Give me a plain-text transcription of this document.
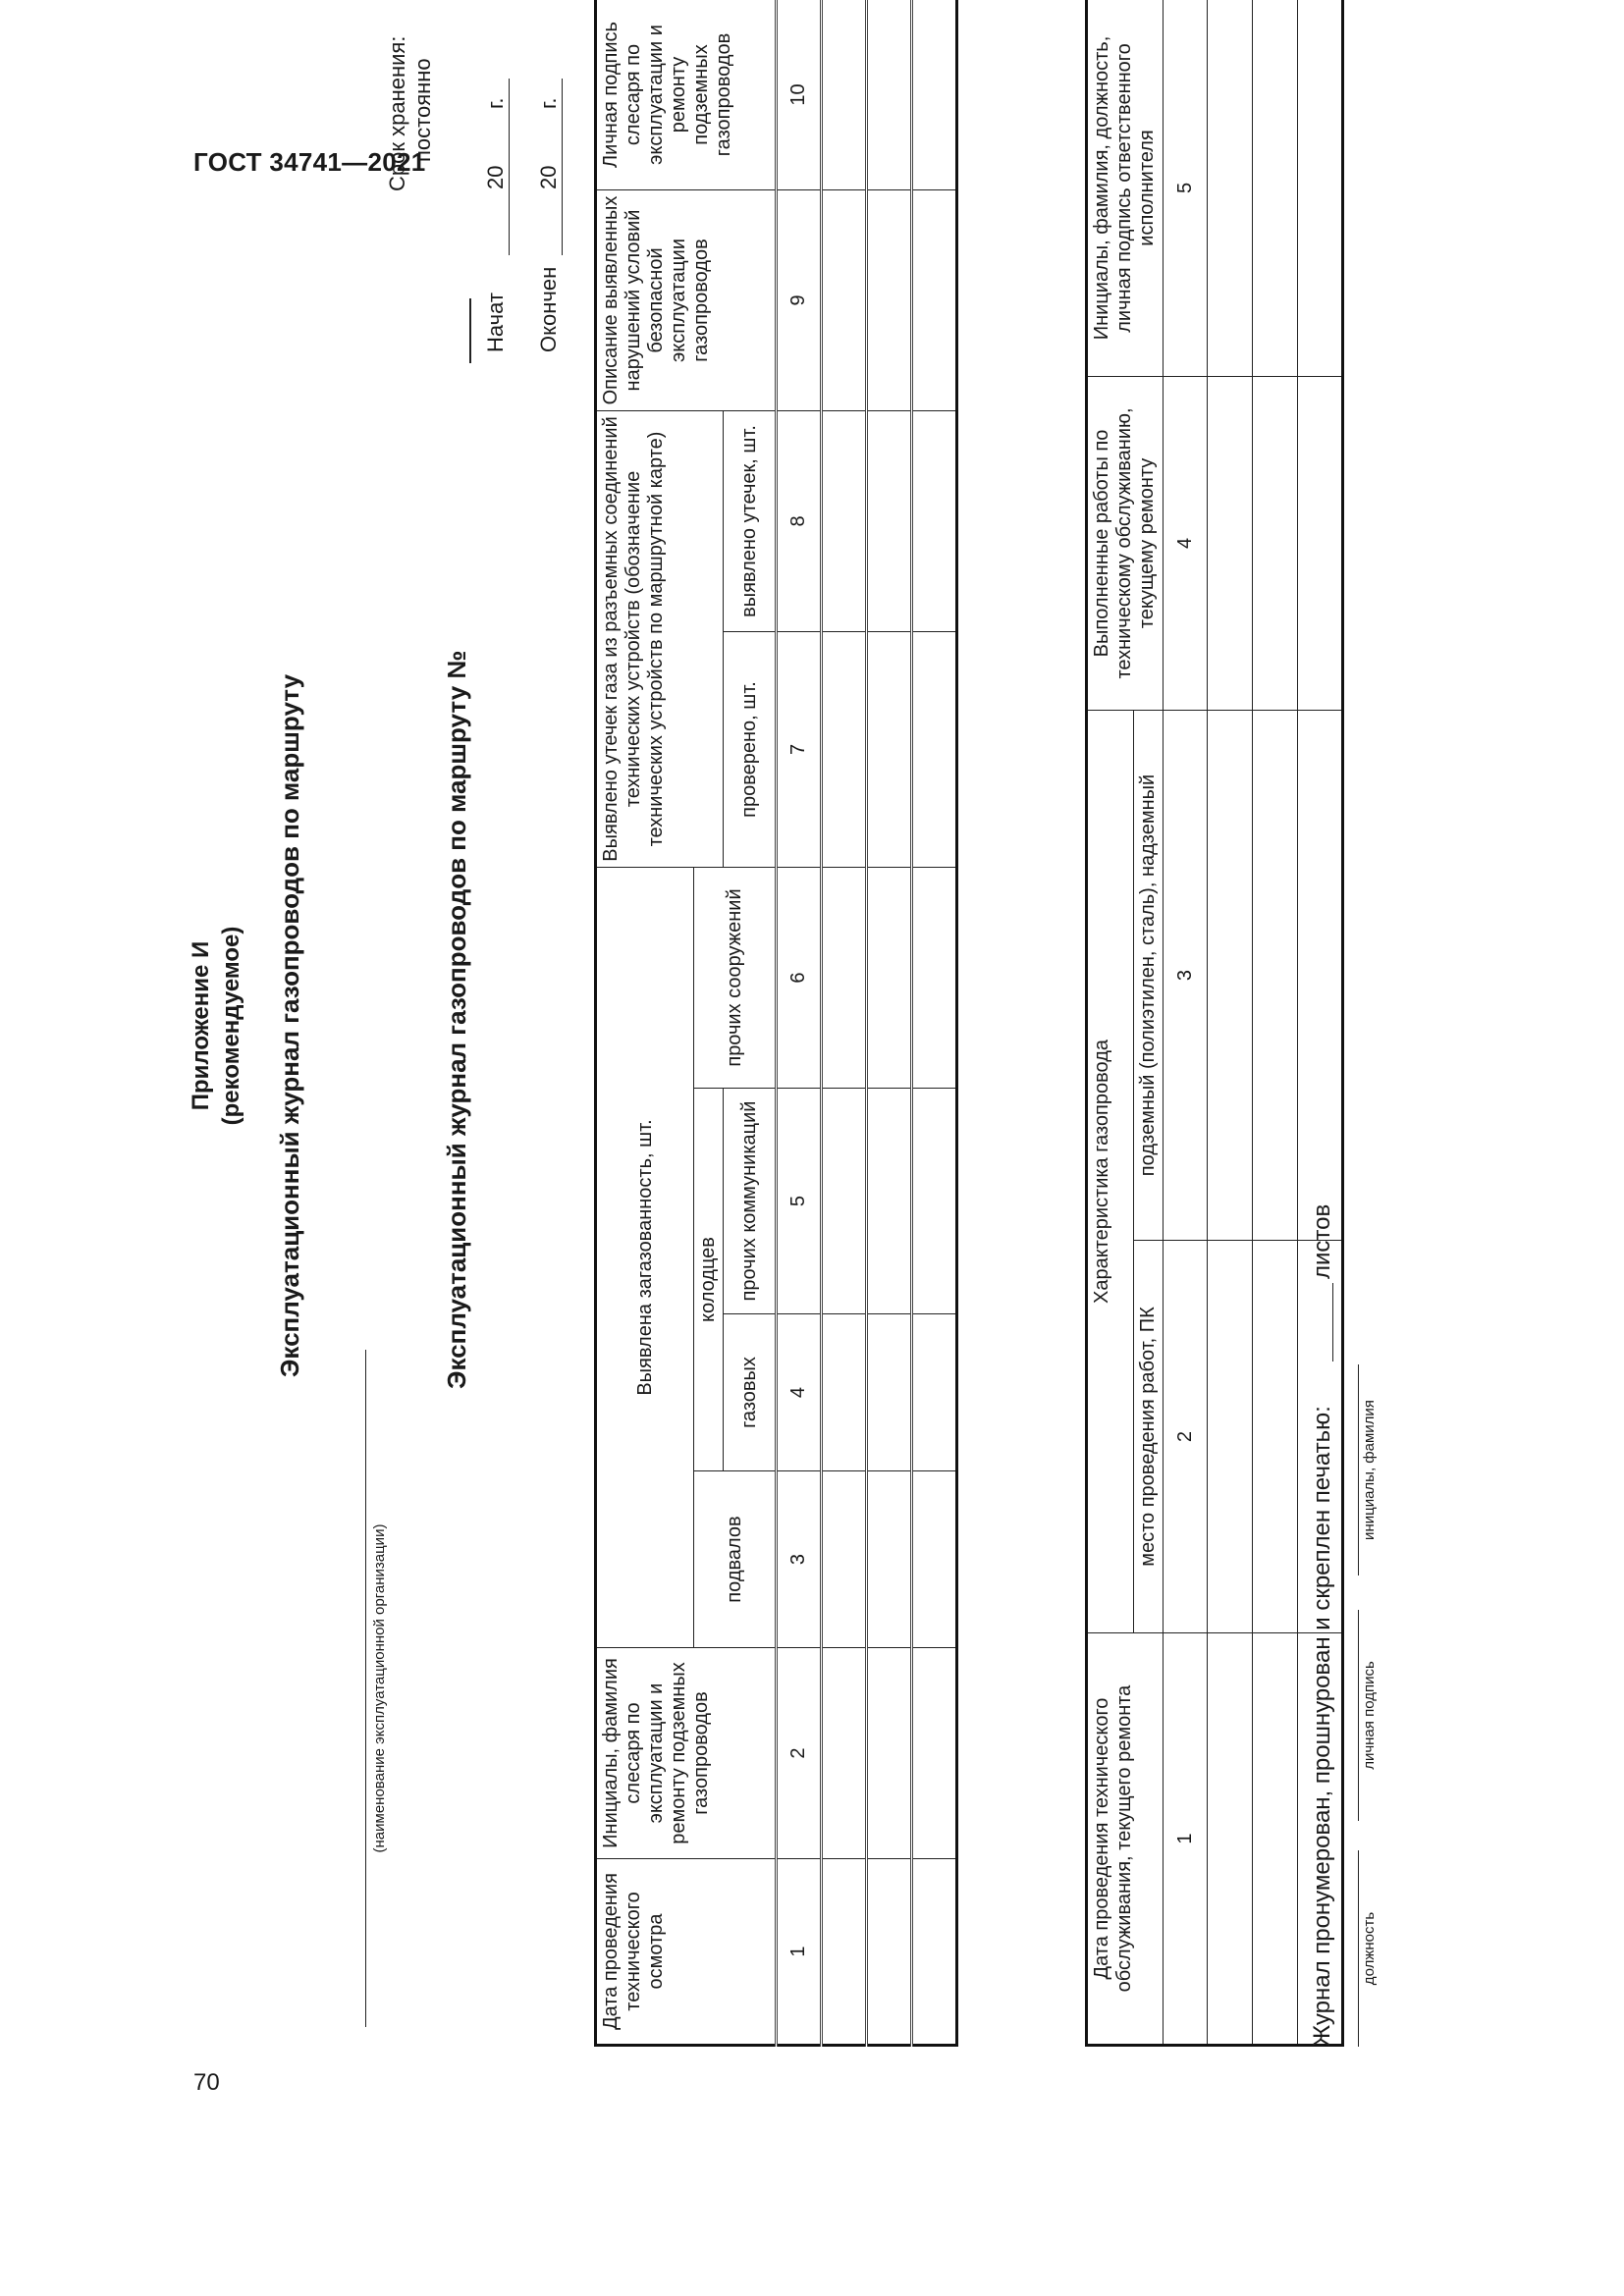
ГОСТ 34741—2021
70
Приложение И (рекомендуемое) Эксплуатационный журнал газопроводов по маршруту
(наименование эксплуатационной организации)
Срок хранения: постоянно
Эксплуатационный журнал газопроводов по маршруту №
Начат
20
г.
Окончен
20
г.
Дата проведения технического осмотра	Инициалы, фамилия слесаря по эксплуатации и ремонту подземных газопроводов	Выявлена загазованность, шт.				Выявлено утечек газа из разъемных соединений технических устройств (обозначение технических устройств по маршрутной карте)		Описание выявленных нарушений условий безопасной эксплуатации газопроводов	Личная подпись слесаря по эксплуатации и ремонту подземных газопроводов
		подвалов	колодцев		прочих сооружений				
			газовых	прочих коммуникаций		проверено, шт.	выявлено утечек, шт.		
1	2	3	4	5	6	7	8	9	10

Дата проведения технического обслуживания, текущего ремонта	Характеристика газопровода		Выполненные работы по техническому обслуживанию, текущему ремонту	Инициалы, фамилия, должность, личная подпись ответственного исполнителя
	место проведения работ, ПК	подземный (полиэтилен, сталь), надземный		
1	2	3	4	5

Журнал пронумерован, прошнурован и скреплен печатью:
листов
должность
личная подпись
инициалы, фамилия
